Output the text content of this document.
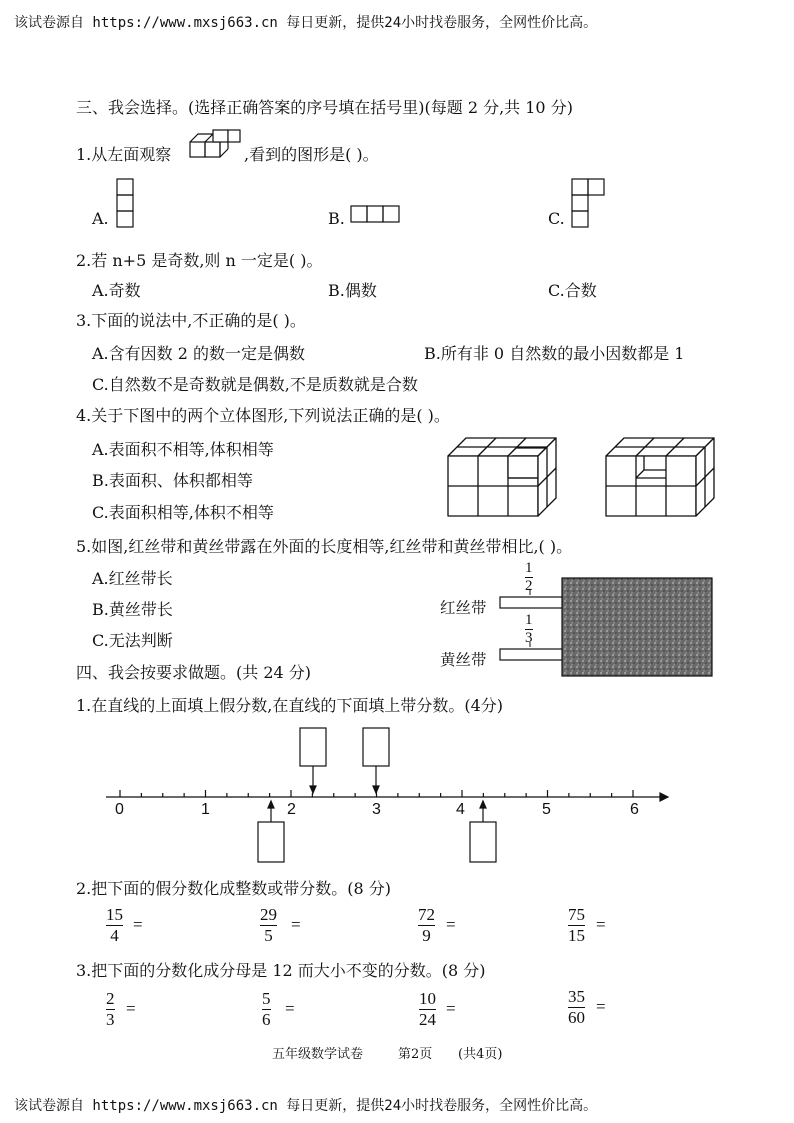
该试卷源自 https://www.mxsj663.cn 每日更新，提供24小时找卷服务，全网性价比高。
三、我会选择。(选择正确答案的序号填在括号里)(每题 2 分,共 10 分)
1.从左面观察	,看到的图形是( )。
A.	B.	C.
2.若 n+5 是奇数,则 n 一定是( )。
A.奇数	B.偶数	C.合数
3.下面的说法中,不正确的是( )。
A.含有因数 2 的数一定是偶数	B.所有非 0 自然数的最小因数都是 1
C.自然数不是奇数就是偶数,不是质数就是合数
4.关于下图中的两个立体图形,下列说法正确的是( )。
A.表面积不相等,体积相等
B.表面积、体积都相等
C.表面积相等,体积不相等
5.如图,红丝带和黄丝带露在外面的长度相等,红丝带和黄丝带相比,( )。
A.红丝带长
B.黄丝带长
C.无法判断
红丝带
黄丝带
1
2
1
3
四、我会按要求做题。(共 24 分)
1.在直线的上面填上假分数,在直线的下面填上带分数。(4分)
0	1	2	3	4	5	6
2.把下面的假分数化成整数或带分数。(8 分)
15
4
=
29
5
=
72
9
=
75
15
=
3.把下面的分数化成分母是 12 而大小不变的分数。(8 分)
2
3
=
5
6
=
10
24
=
35
60
=
五年级数学试卷	第2页 (共4页)
该试卷源自 https://www.mxsj663.cn 每日更新，提供24小时找卷服务，全网性价比高。
